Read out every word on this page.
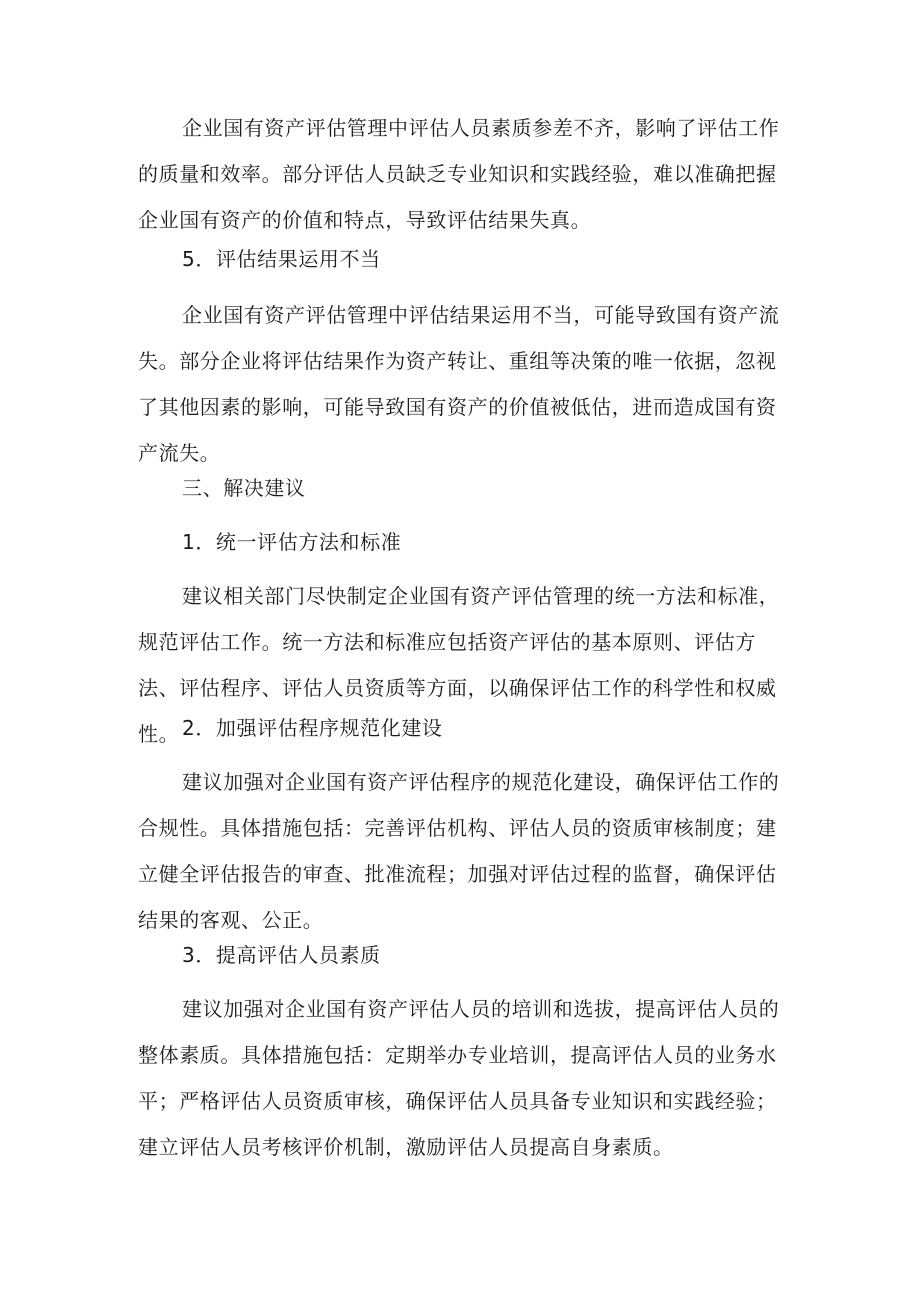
企业国有资产评估管理中评估人员素质参差不齐，影响了评估工作的质量和效率。部分评估人员缺乏专业知识和实践经验，难以准确把握企业国有资产的价值和特点，导致评估结果失真。

5．评估结果运用不当

企业国有资产评估管理中评估结果运用不当，可能导致国有资产流失。部分企业将评估结果作为资产转让、重组等决策的唯一依据，忽视了其他因素的影响，可能导致国有资产的价值被低估，进而造成国有资产流失。

三、解决建议

1．统一评估方法和标准

建议相关部门尽快制定企业国有资产评估管理的统一方法和标准，规范评估工作。统一方法和标准应包括资产评估的基本原则、评估方法、评估程序、评估人员资质等方面，以确保评估工作的科学性和权威性。 2．加强评估程序规范化建设

建议加强对企业国有资产评估程序的规范化建设，确保评估工作的合规性。具体措施包括：完善评估机构、评估人员的资质审核制度；建立健全评估报告的审查、批准流程；加强对评估过程的监督，确保评估结果的客观、公正。

3．提高评估人员素质

建议加强对企业国有资产评估人员的培训和选拔，提高评估人员的整体素质。具体措施包括：定期举办专业培训，提高评估人员的业务水平；严格评估人员资质审核，确保评估人员具备专业知识和实践经验；建立评估人员考核评价机制，激励评估人员提高自身素质。
